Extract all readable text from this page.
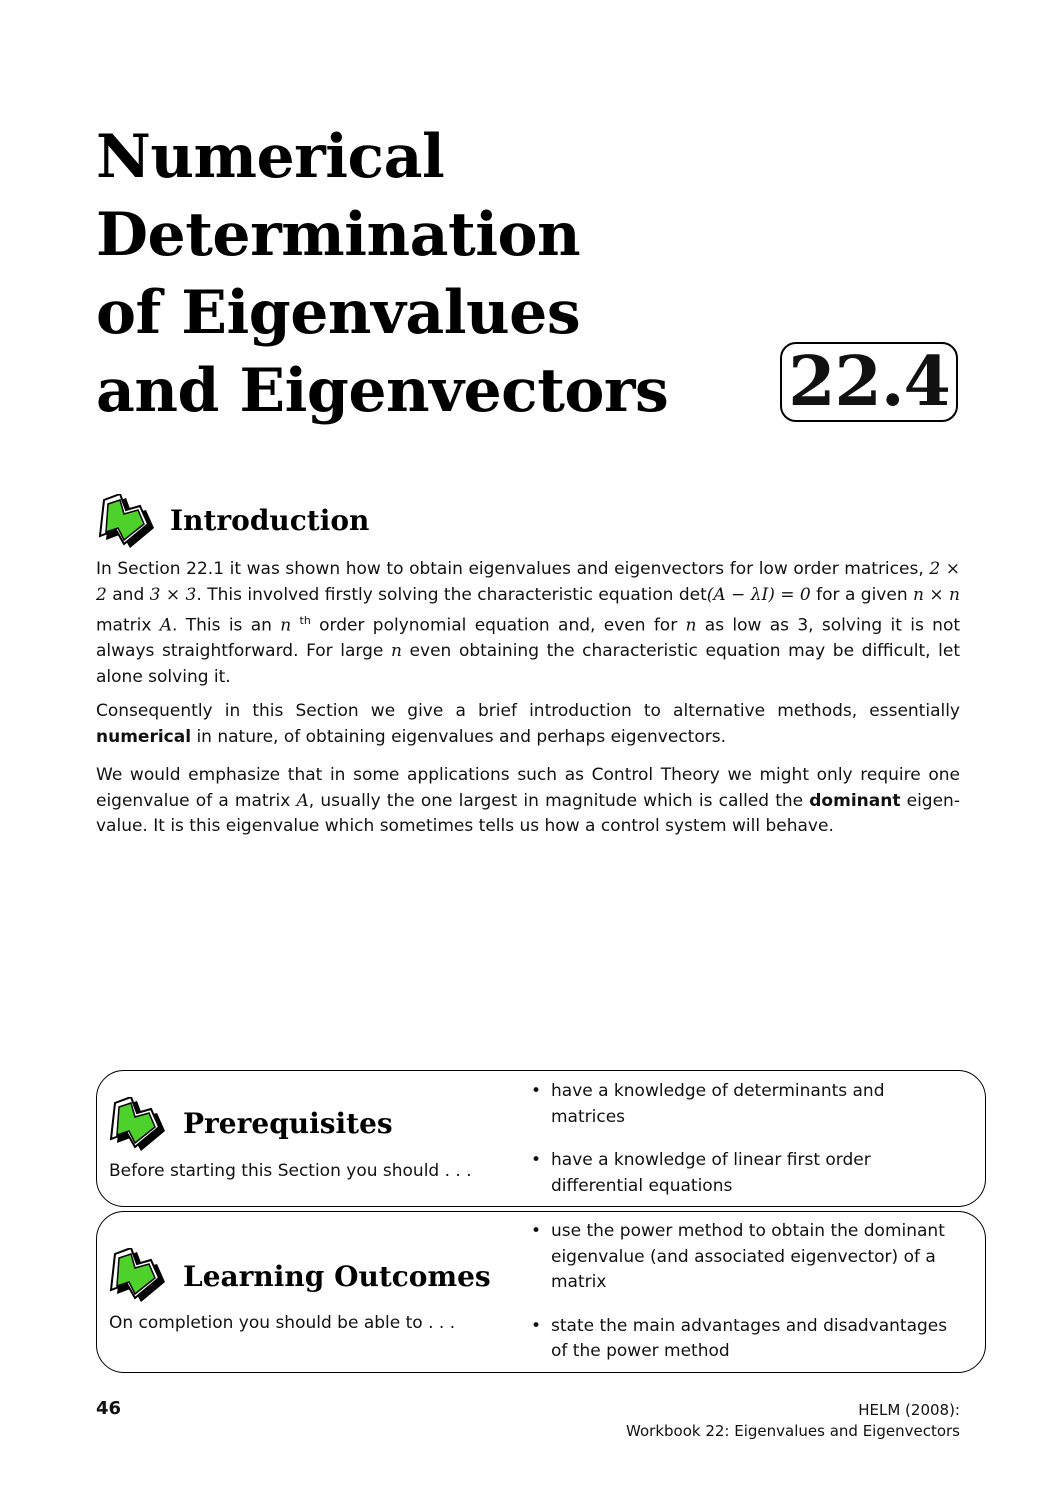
Numerical
Determination
of Eigenvalues
and Eigenvectors	22.4
Introduction
In Section 22.1 it was shown how to obtain eigenvalues and eigenvectors for low order matrices, 2 × 2 and 3 × 3. This involved firstly solving the characteristic equation det(A − λI) = 0 for a given n × n matrix A. This is an n $^{th}$ order polynomial equation and, even for n as low as 3, solving it is not always straightforward. For large n even obtaining the characteristic equation may be difficult, let alone solving it.
Consequently in this Section we give a brief introduction to alternative methods, essentially numerical in nature, of obtaining eigenvalues and perhaps eigenvectors.
We would emphasize that in some applications such as Control Theory we might only require one eigenvalue of a matrix A, usually the one largest in magnitude which is called the dominant eigenvalue. It is this eigenvalue which sometimes tells us how a control system will behave.
Prerequisites
Before starting this Section you should . . .
• have a knowledge of determinants and matrices
• have a knowledge of linear first order differential equations
Learning Outcomes
On completion you should be able to . . .
• use the power method to obtain the dominant eigenvalue (and associated eigenvector) of a matrix
• state the main advantages and disadvantages of the power method
46	HELM (2008):
Workbook 22: Eigenvalues and Eigenvectors
